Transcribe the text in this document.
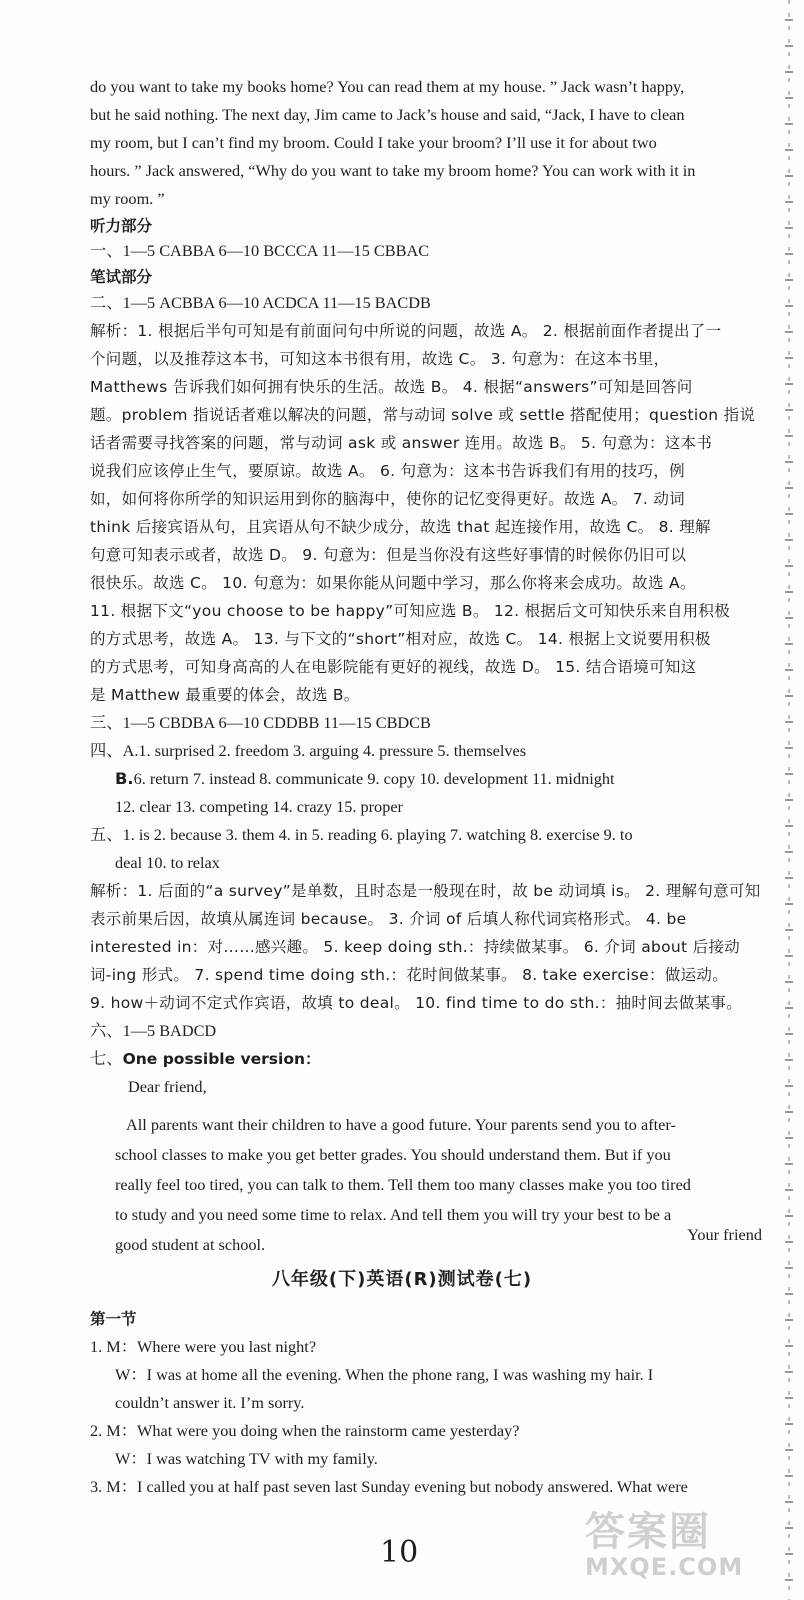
do you want to take my books home? You can read them at my house. ” Jack wasn’t happy,
but he said nothing. The next day, Jim came to Jack’s house and said, “Jack, I have to clean
my room, but I can’t find my broom. Could I take your broom? I’ll use it for about two
hours. ” Jack answered, “Why do you want to take my broom home? You can work with it in
my room. ”
听力部分
一、1—5 CABBA 6—10 BCCCA 11—15 CBBAC
笔试部分
二、1—5 ACBBA 6—10 ACDCA 11—15 BACDB
解析：1. 根据后半句可知是有前面问句中所说的问题，故选 A。 2. 根据前面作者提出了一
个问题，以及推荐这本书，可知这本书很有用，故选 C。 3. 句意为：在这本书里，
Matthews 告诉我们如何拥有快乐的生活。故选 B。 4. 根据“answers”可知是回答问
题。problem 指说话者难以解决的问题，常与动词 solve 或 settle 搭配使用；question 指说
话者需要寻找答案的问题，常与动词 ask 或 answer 连用。故选 B。 5. 句意为：这本书
说我们应该停止生气，要原谅。故选 A。 6. 句意为：这本书告诉我们有用的技巧，例
如，如何将你所学的知识运用到你的脑海中，使你的记忆变得更好。故选 A。 7. 动词
think 后接宾语从句，且宾语从句不缺少成分，故选 that 起连接作用，故选 C。 8. 理解
句意可知表示或者，故选 D。 9. 句意为：但是当你没有这些好事情的时候你仍旧可以
很快乐。故选 C。 10. 句意为：如果你能从问题中学习，那么你将来会成功。故选 A。
11. 根据下文“you choose to be happy”可知应选 B。 12. 根据后文可知快乐来自用积极
的方式思考，故选 A。 13. 与下文的“short”相对应，故选 C。 14. 根据上文说要用积极
的方式思考，可知身高高的人在电影院能有更好的视线，故选 D。 15. 结合语境可知这
是 Matthew 最重要的体会，故选 B。
三、1—5 CBDBA 6—10 CDDBB 11—15 CBDCB
四、A.1. surprised 2. freedom 3. arguing 4. pressure 5. themselves
B.6. return 7. instead 8. communicate 9. copy 10. development 11. midnight
12. clear 13. competing 14. crazy 15. proper
五、1. is 2. because 3. them 4. in 5. reading 6. playing 7. watching 8. exercise 9. to
deal 10. to relax
解析：1. 后面的“a survey”是单数，且时态是一般现在时，故 be 动词填 is。 2. 理解句意可知
表示前果后因，故填从属连词 because。 3. 介词 of 后填人称代词宾格形式。 4. be
interested in：对……感兴趣。 5. keep doing sth.：持续做某事。 6. 介词 about 后接动
词-ing 形式。 7. spend time doing sth.：花时间做某事。 8. take exercise：做运动。
9. how＋动词不定式作宾语，故填 to deal。 10. find time to do sth.：抽时间去做某事。
六、1—5 BADCD
七、One possible version：
Dear friend,
All parents want their children to have a good future. Your parents send you to after-
school classes to make you get better grades. You should understand them. But if you
really feel too tired, you can talk to them. Tell them too many classes make you too tired
to study and you need some time to relax. And tell them you will try your best to be a
good student at school.
Your friend
八年级(下)英语(R)测试卷(七)
第一节
1. M：Where were you last night?
W：I was at home all the evening. When the phone rang, I was washing my hair. I
couldn’t answer it. I’m sorry.
2. M：What were you doing when the rainstorm came yesterday?
W：I was watching TV with my family.
3. M：I called you at half past seven last Sunday evening but nobody answered. What were
10	答案圈
MXQE.COM
